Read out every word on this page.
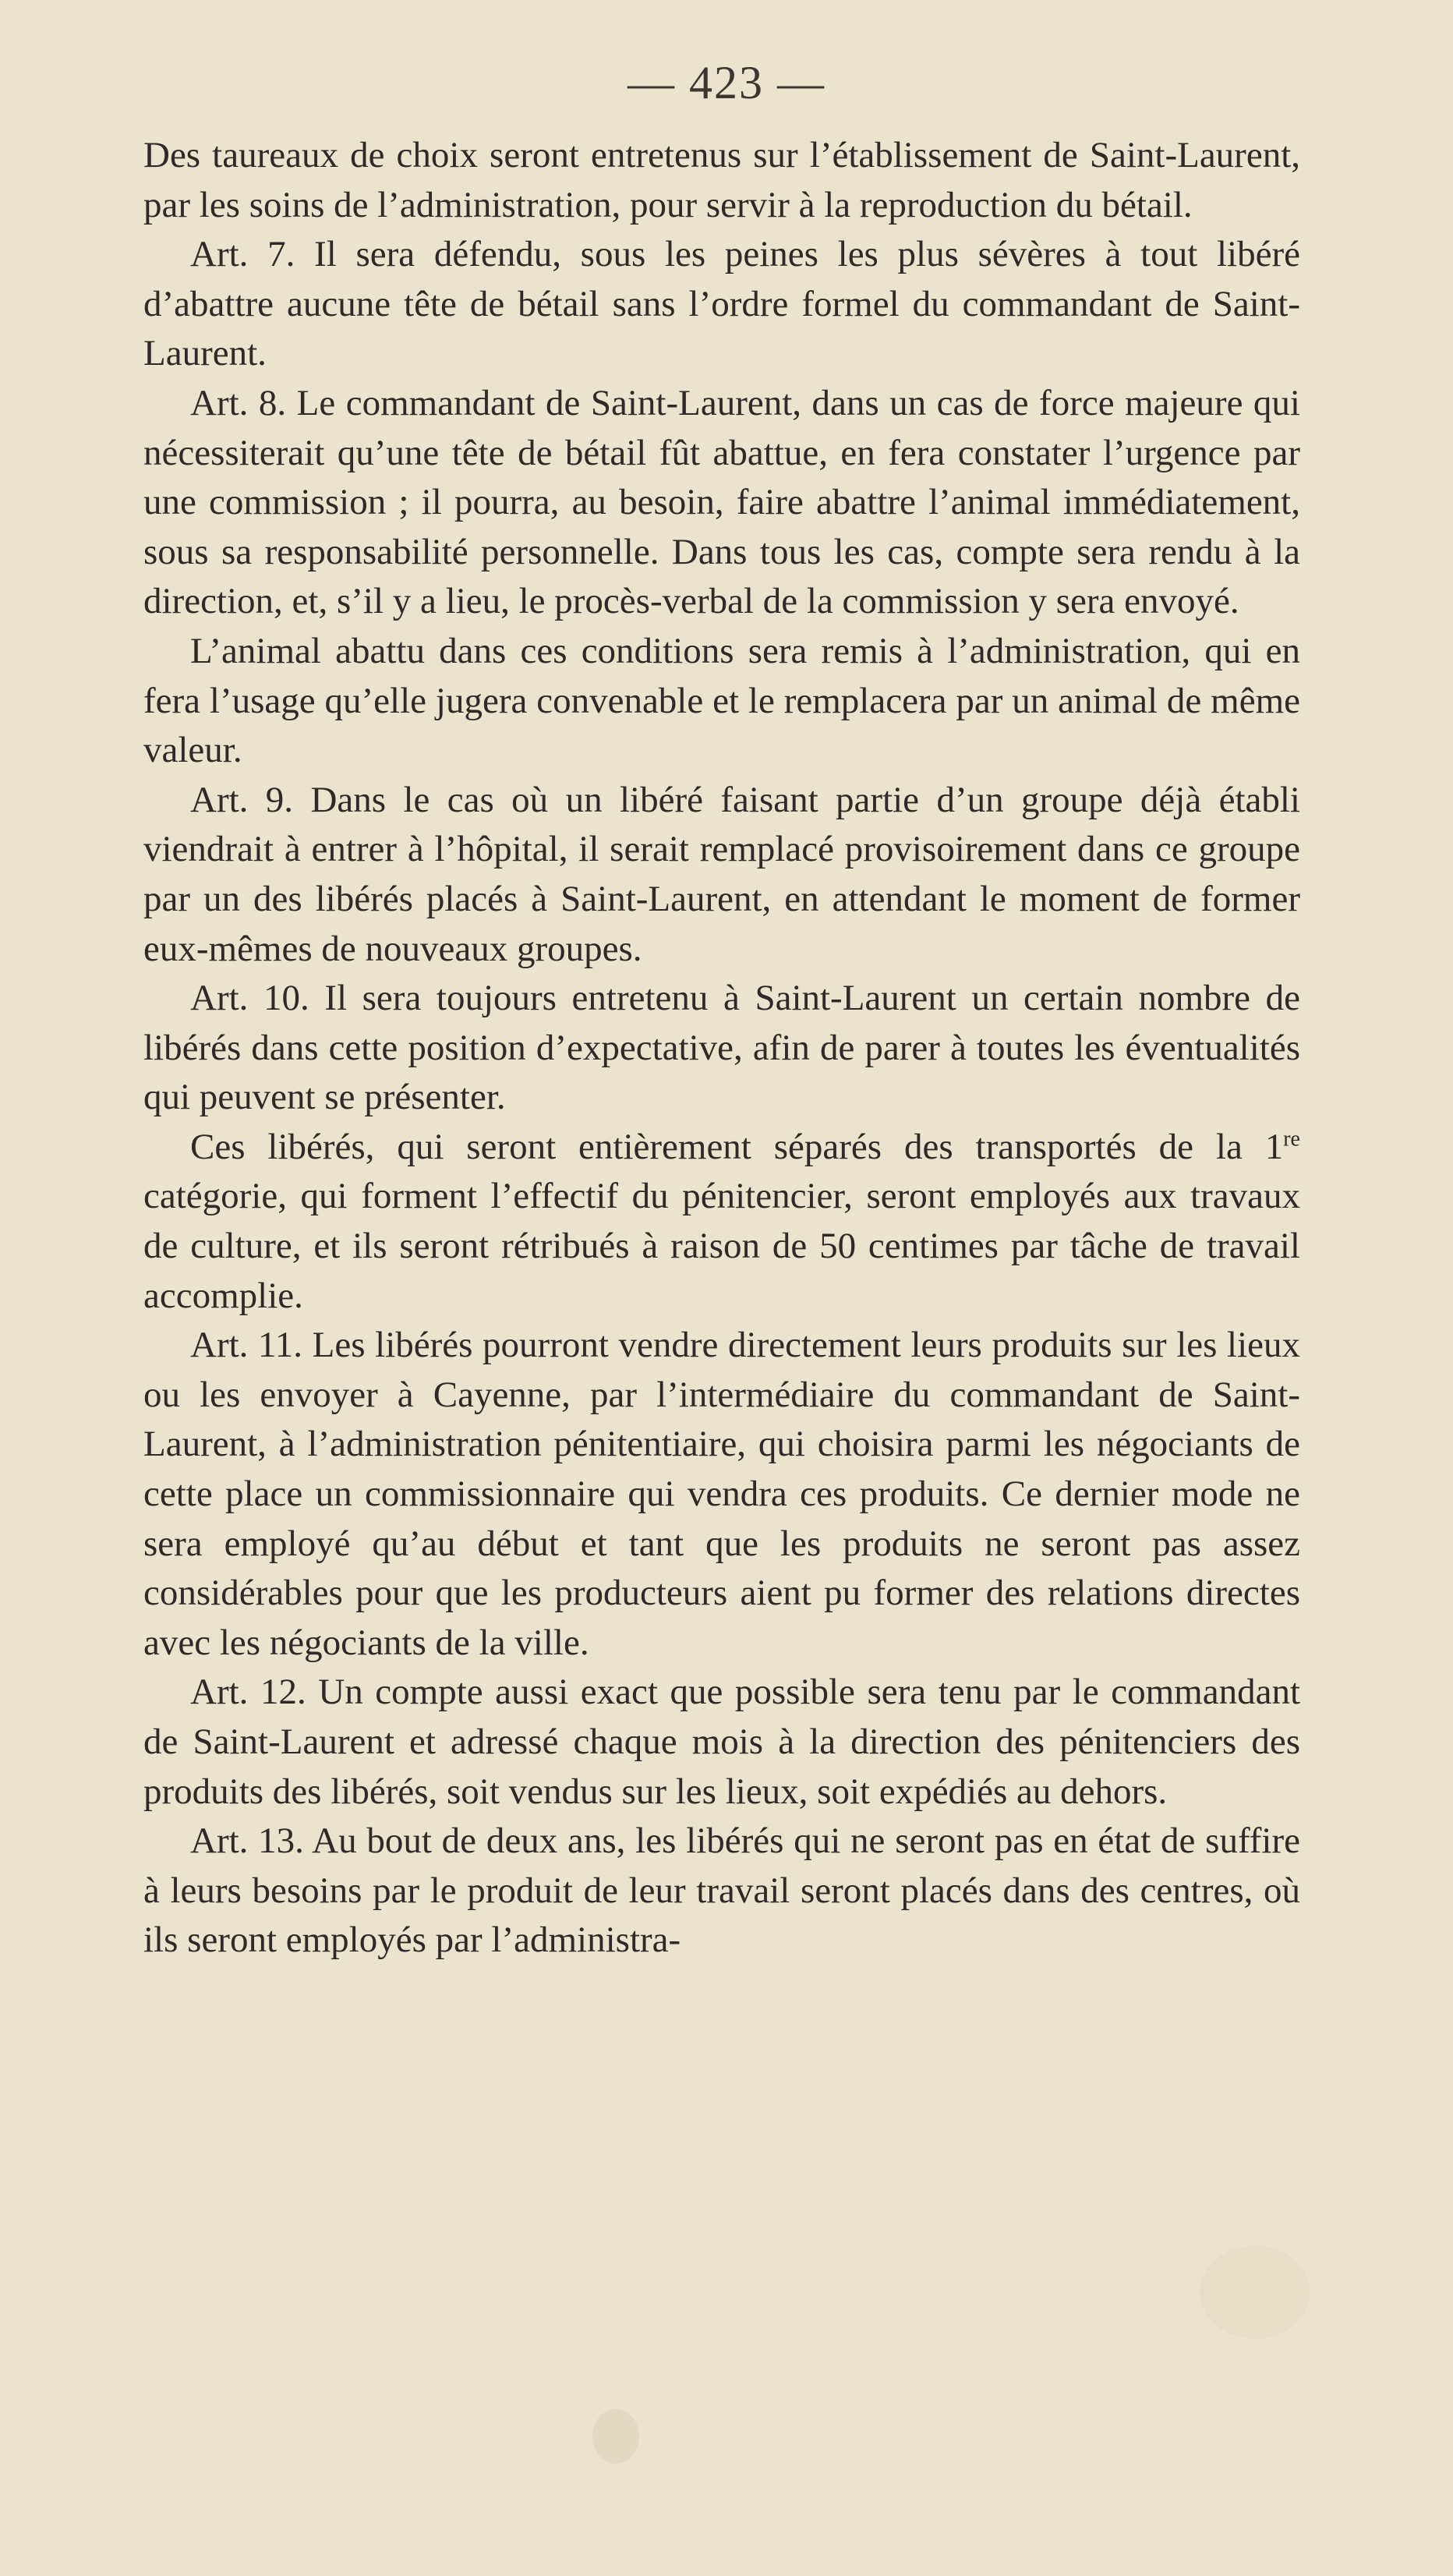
— 423 —

Des taureaux de choix seront entretenus sur l’établissement de Saint-Laurent, par les soins de l’administration, pour servir à la reproduction du bétail.

Art. 7. Il sera défendu, sous les peines les plus sévères à tout libéré d’abattre aucune tête de bétail sans l’ordre formel du commandant de Saint-Laurent.

Art. 8. Le commandant de Saint-Laurent, dans un cas de force majeure qui nécessiterait qu’une tête de bétail fût abattue, en fera constater l’urgence par une commission ; il pourra, au besoin, faire abattre l’animal immédiatement, sous sa responsabilité personnelle. Dans tous les cas, compte sera rendu à la direction, et, s’il y a lieu, le procès-verbal de la commission y sera envoyé.

L’animal abattu dans ces conditions sera remis à l’administration, qui en fera l’usage qu’elle jugera convenable et le remplacera par un animal de même valeur.

Art. 9. Dans le cas où un libéré faisant partie d’un groupe déjà établi viendrait à entrer à l’hôpital, il serait remplacé provisoirement dans ce groupe par un des libérés placés à Saint-Laurent, en attendant le moment de former eux-mêmes de nouveaux groupes.

Art. 10. Il sera toujours entretenu à Saint-Laurent un certain nombre de libérés dans cette position d’expectative, afin de parer à toutes les éventualités qui peuvent se présenter.

Ces libérés, qui seront entièrement séparés des transportés de la 1re catégorie, qui forment l’effectif du pénitencier, seront employés aux travaux de culture, et ils seront rétribués à raison de 50 centimes par tâche de travail accomplie.

Art. 11. Les libérés pourront vendre directement leurs produits sur les lieux ou les envoyer à Cayenne, par l’intermédiaire du commandant de Saint-Laurent, à l’administration pénitentiaire, qui choisira parmi les négociants de cette place un commissionnaire qui vendra ces produits. Ce dernier mode ne sera employé qu’au début et tant que les produits ne seront pas assez considérables pour que les producteurs aient pu former des relations directes avec les négociants de la ville.

Art. 12. Un compte aussi exact que possible sera tenu par le commandant de Saint-Laurent et adressé chaque mois à la direction des pénitenciers des produits des libérés, soit vendus sur les lieux, soit expédiés au dehors.

Art. 13. Au bout de deux ans, les libérés qui ne seront pas en état de suffire à leurs besoins par le produit de leur travail seront placés dans des centres, où ils seront employés par l’administra-
